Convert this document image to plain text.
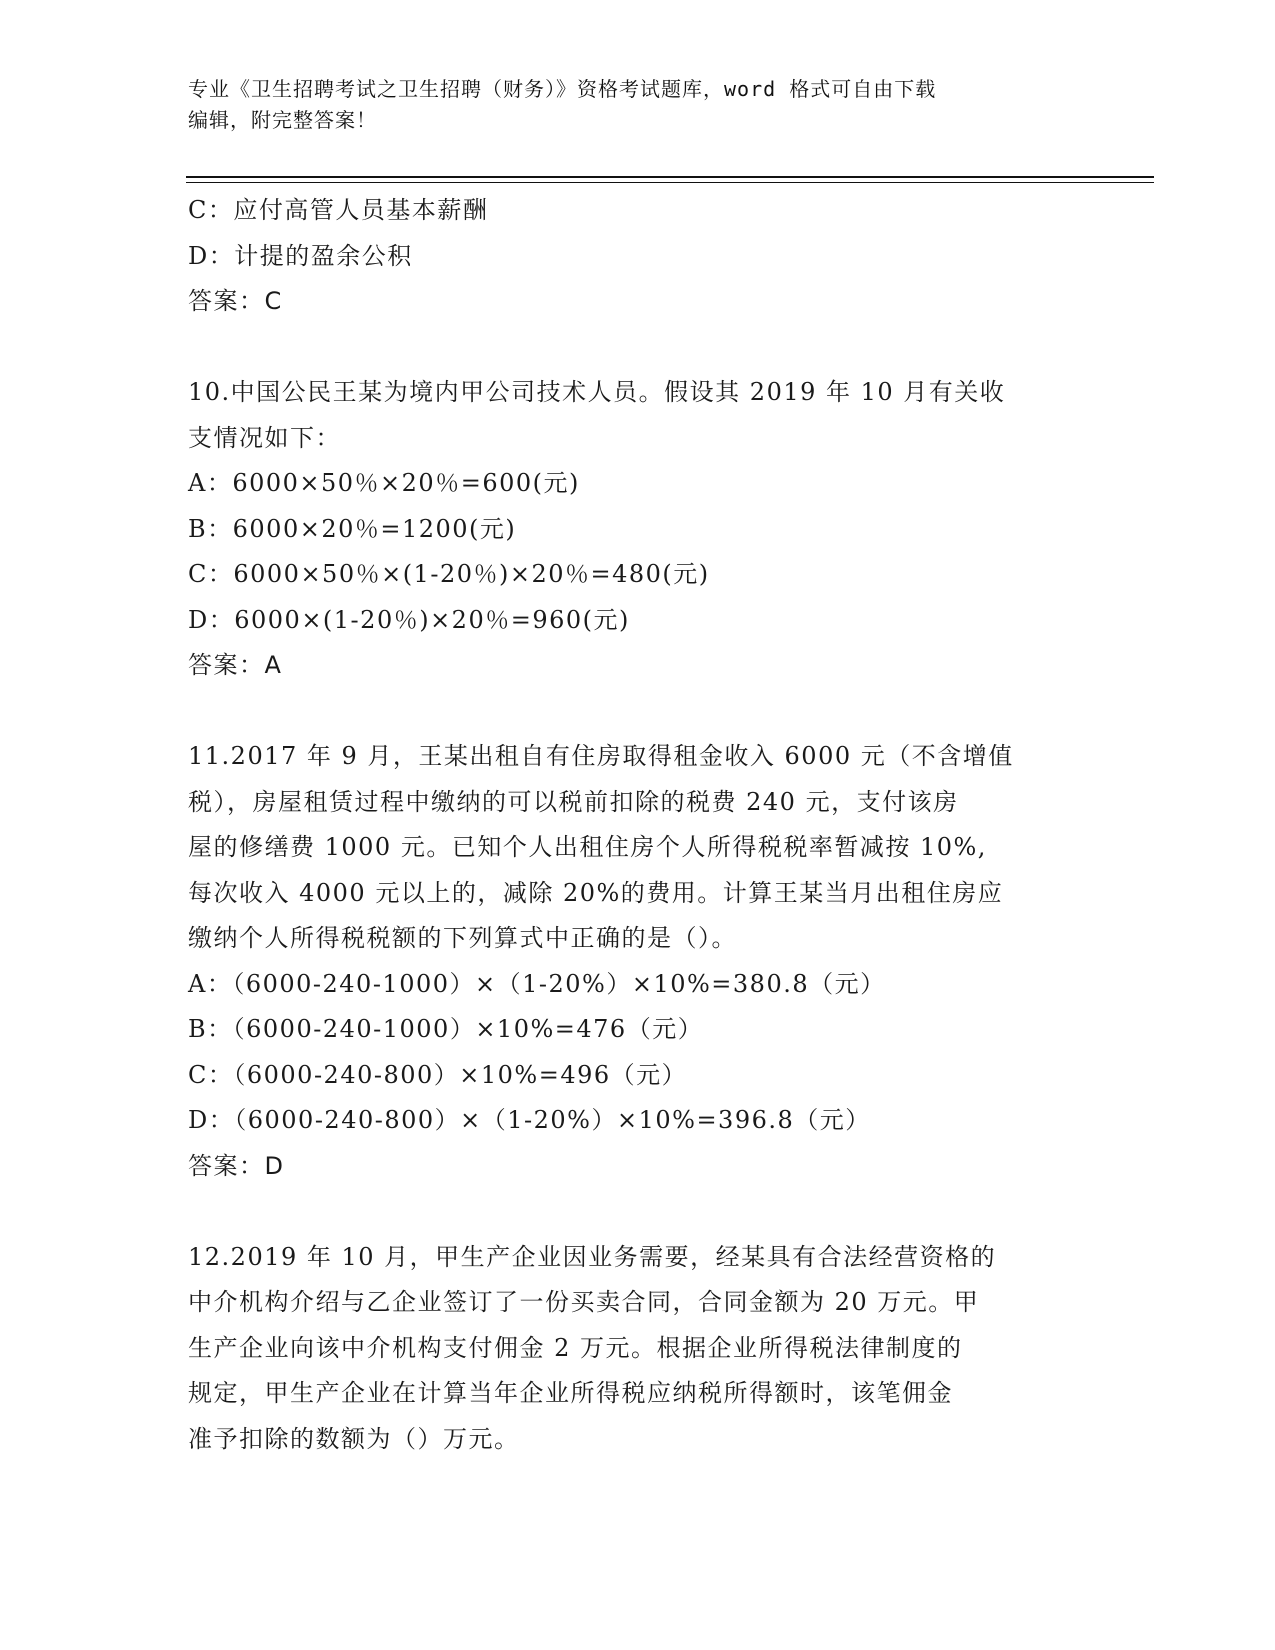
专业《卫生招聘考试之卫生招聘（财务）》资格考试题库，word 格式可自由下载
编辑，附完整答案！
C：应付高管人员基本薪酬
D：计提的盈余公积
答案：C
10.中国公民王某为境内甲公司技术人员。假设其 2019 年 10 月有关收
支情况如下：
A：6000×50％×20％=600(元)
B：6000×20％=1200(元)
C：6000×50％×(1-20％)×20％=480(元)
D：6000×(1-20％)×20％=960(元)
答案：A
11.2017 年 9 月，王某出租自有住房取得租金收入 6000 元（不含增值
税），房屋租赁过程中缴纳的可以税前扣除的税费 240 元，支付该房
屋的修缮费 1000 元。已知个人出租住房个人所得税税率暂减按 10%,
每次收入 4000 元以上的，减除 20%的费用。计算王某当月出租住房应
缴纳个人所得税税额的下列算式中正确的是（）。
A：（6000-240-1000）×（1-20%）×10%=380.8（元）
B：（6000-240-1000）×10%=476（元）
C：（6000-240-800）×10%=496（元）
D：（6000-240-800）×（1-20%）×10%=396.8（元）
答案：D
12.2019 年 10 月，甲生产企业因业务需要，经某具有合法经营资格的
中介机构介绍与乙企业签订了一份买卖合同，合同金额为 20 万元。甲
生产企业向该中介机构支付佣金 2 万元。根据企业所得税法律制度的
规定，甲生产企业在计算当年企业所得税应纳税所得额时，该笔佣金
准予扣除的数额为（）万元。
